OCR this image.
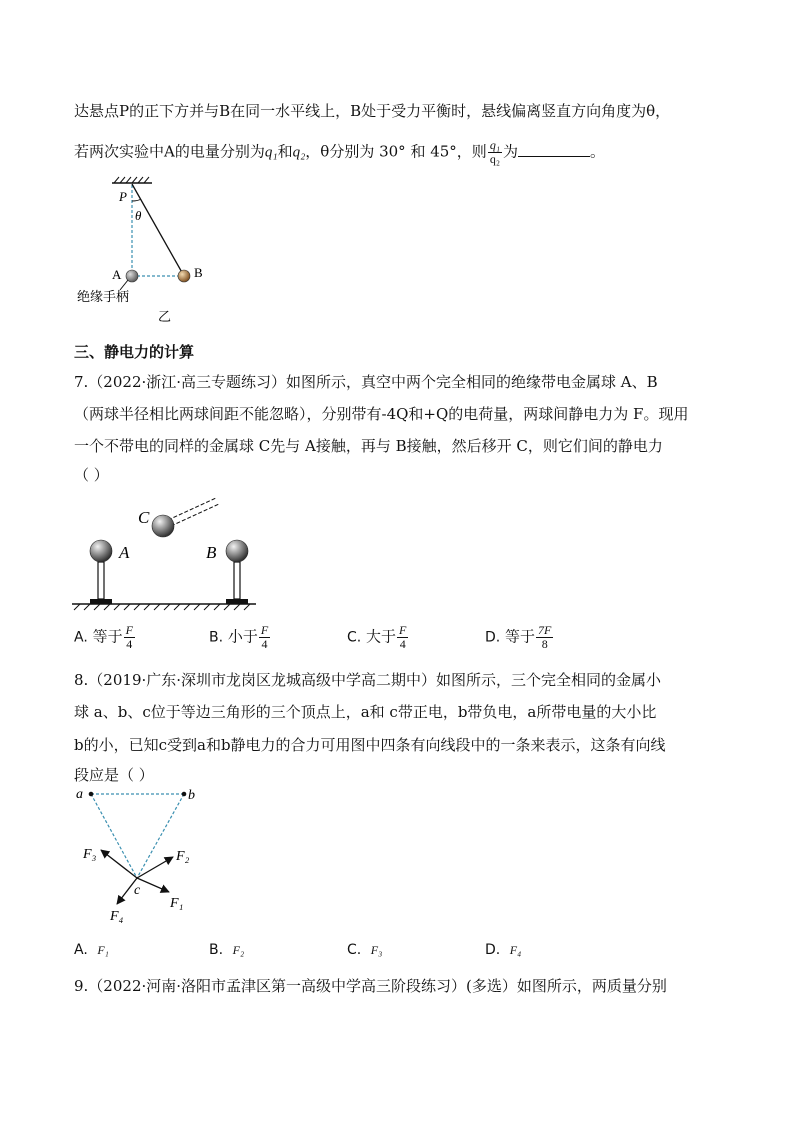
达悬点P的正下方并与B在同一水平线上，B处于受力平衡时，悬线偏离竖直方向角度为θ，
若两次实验中A的电量分别为q₁和q₂，θ分别为 30° 和 45°，则 $\frac{\text{q₁}}{\text{q₂}}$ 为	。
P
θ
A	B
绝缘手柄
乙
三、静电力的计算
7.（2022·浙江·高三专题练习）如图所示，真空中两个完全相同的绝缘带电金属球 A、B
（两球半径相比两球间距不能忽略），分别带有-4Q和+Q的电荷量，两球间静电力为 F。现用
一个不带电的同样的金属球 C先与 A接触，再与 B接触，然后移开 C，则它们间的静电力
（ ）
C
A	B
A. 等于 $\frac{F}{4}$	B. 小于 $\frac{F}{4}$	C. 大于 $\frac{F}{4}$	D. 等于 $\frac{7F}{8}$
8.（2019·广东·深圳市龙岗区龙城高级中学高二期中）如图所示，三个完全相同的金属小
球 a、b、c位于等边三角形的三个顶点上，a和 c带正电，b带负电，a所带电量的大小比
b的小，已知c受到a和b静电力的合力可用图中四条有向线段中的一条来表示，这条有向线
段应是（ ）
a	b
c
F₃	F₂
F₁
F₄
A. F₁	B. F₂	C. F₃	D. F₄
9.（2022·河南·洛阳市孟津区第一高级中学高三阶段练习）(多选）如图所示，两质量分别
